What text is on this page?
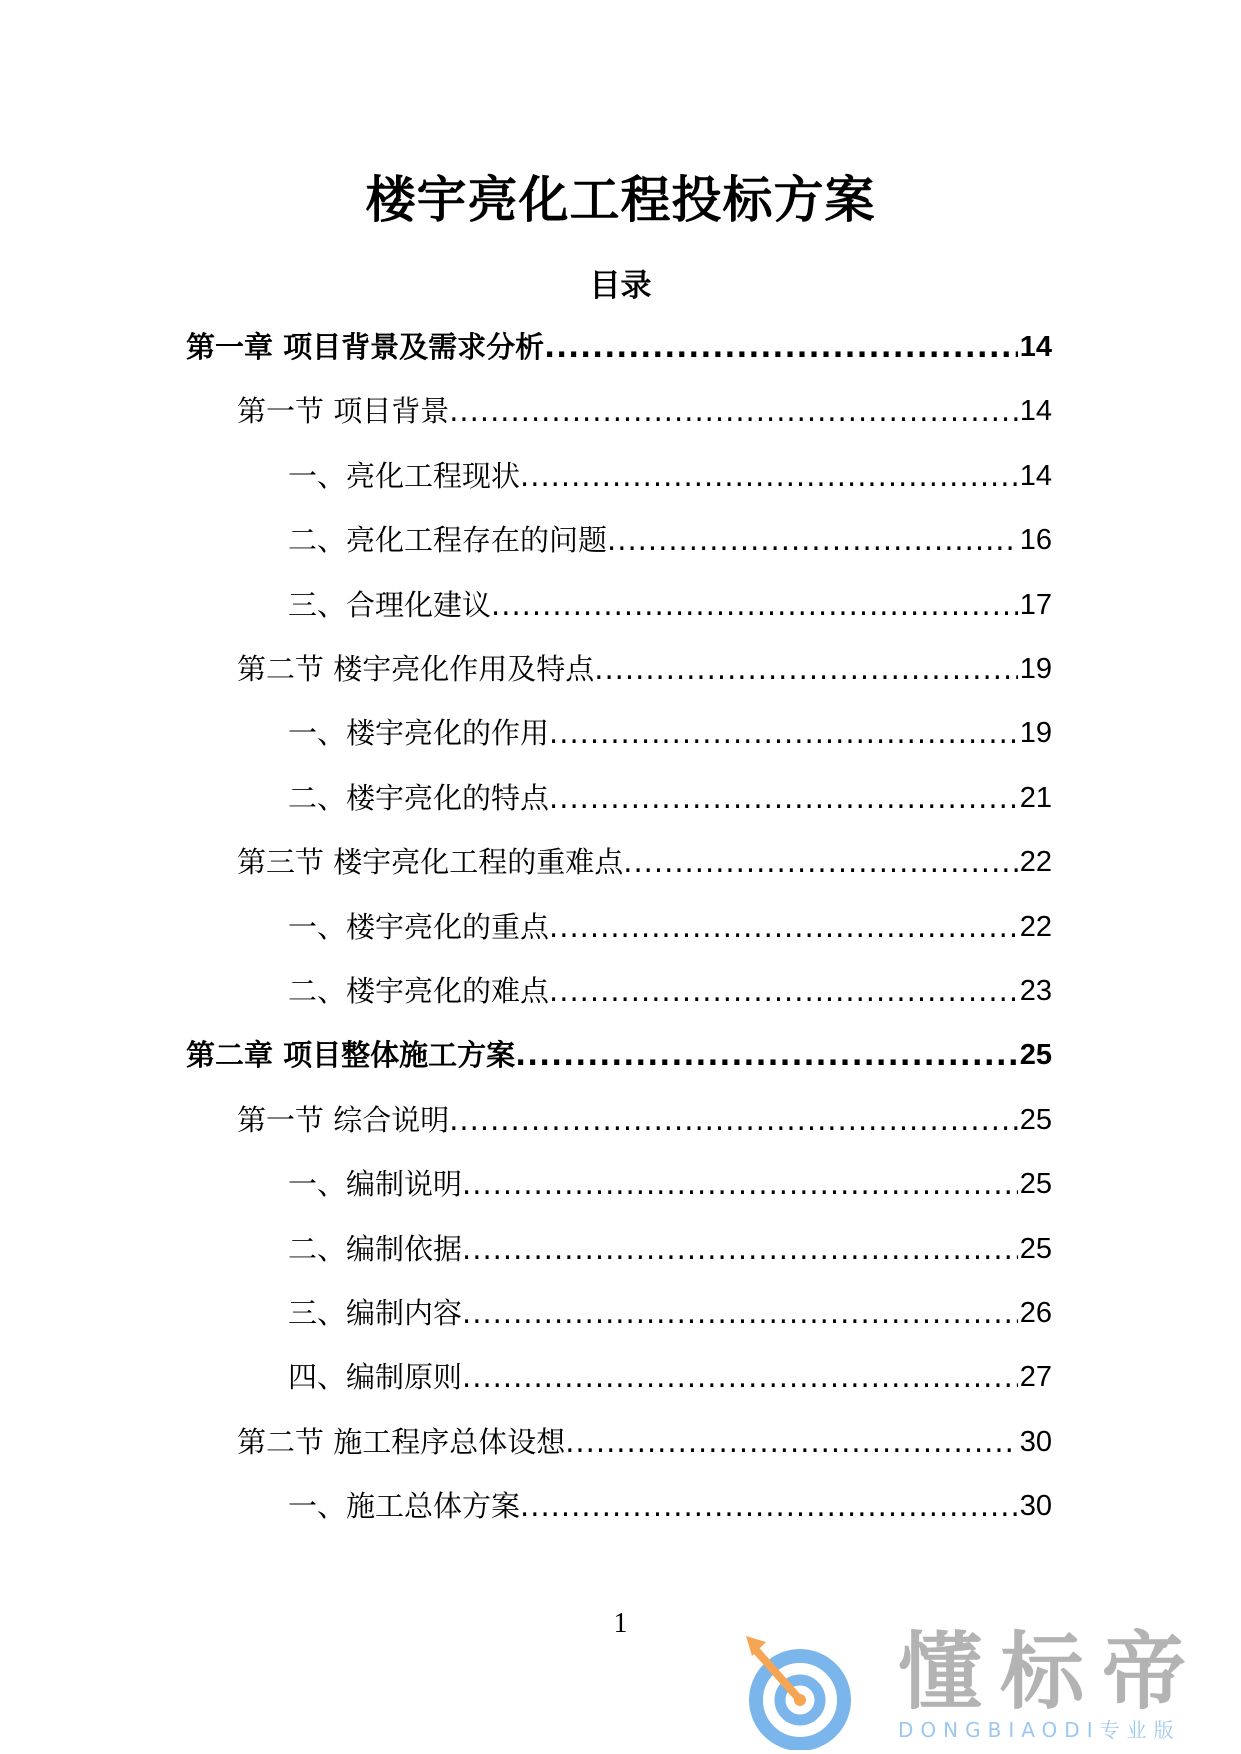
楼宇亮化工程投标方案
目录
第一章 项目背景及需求分析 .....	14
第一节 项目背景 .....	14
一、亮化工程现状 .....	14
二、亮化工程存在的问题 .....	16
三、合理化建议 .....	17
第二节 楼宇亮化作用及特点 .....	19
一、楼宇亮化的作用 .....	19
二、楼宇亮化的特点 .....	21
第三节 楼宇亮化工程的重难点 .....	22
一、楼宇亮化的重点 .....	22
二、楼宇亮化的难点 .....	23
第二章 项目整体施工方案 .....	25
第一节 综合说明 .....	25
一、编制说明 .....	25
二、编制依据 .....	25
三、编制内容 .....	26
四、编制原则 .....	27
第二节 施工程序总体设想 .....	30
一、施工总体方案 .....	30
1	懂标帝
DONGBIAODI专业版
